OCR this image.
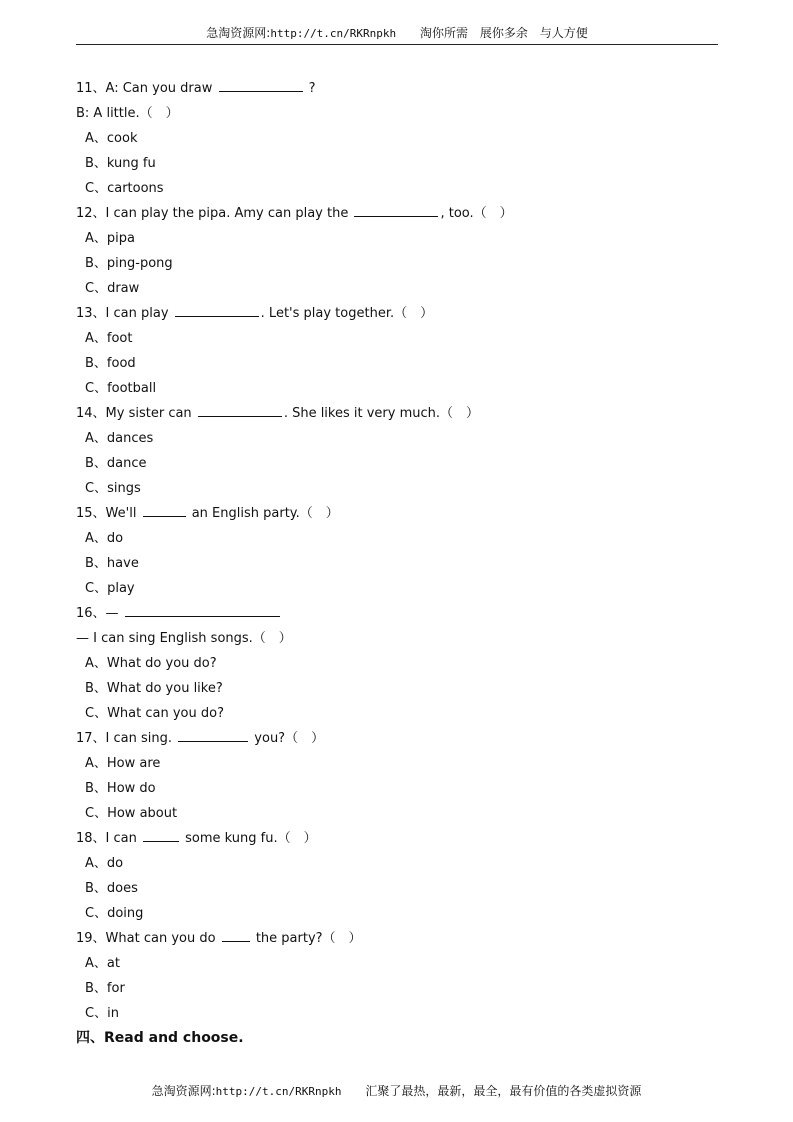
急淘资源网:http://t.cn/RKRnpkh 淘你所需 展你多余 与人方便
11、A: Can you draw	?
B: A little.（　）
A、cook
B、kung fu
C、cartoons
12、I can play the pipa. Amy can play the	, too.（　）
A、pipa
B、ping-pong
C、draw
13、I can play	. Let's play together.（　）
A、foot
B、food
C、football
14、My sister can	. She likes it very much.（　）
A、dances
B、dance
C、sings
15、We'll	an English party.（　）
A、do
B、have
C、play
16、—
— I can sing English songs.（　）
A、What do you do?
B、What do you like?
C、What can you do?
17、I can sing.	you?（　）
A、How are
B、How do
C、How about
18、I can	some kung fu.（　）
A、do
B、does
C、doing
19、What can you do	the party?（　）
A、at
B、for
C、in
四、Read and choose.
急淘资源网:http://t.cn/RKRnpkh 汇聚了最热，最新，最全，最有价值的各类虚拟资源
